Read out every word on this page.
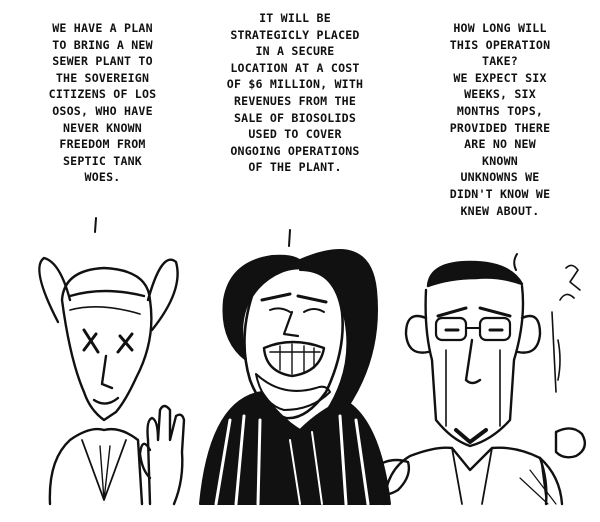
WE HAVE A PLAN
TO BRING A NEW
SEWER PLANT TO
THE SOVEREIGN
CITIZENS OF LOS
OSOS, WHO HAVE
NEVER KNOWN
FREEDOM FROM
SEPTIC TANK
WOES.
IT WILL BE
STRATEGICLY PLACED
IN A SECURE
LOCATION AT A COST
OF $6 MILLION, WITH
REVENUES FROM THE
SALE OF BIOSOLIDS
USED TO COVER
ONGOING OPERATIONS
OF THE PLANT.
HOW LONG WILL
THIS OPERATION
TAKE?
WE EXPECT SIX
WEEKS, SIX
MONTHS TOPS,
PROVIDED THERE
ARE NO NEW
KNOWN
UNKNOWNS WE
DIDN'T KNOW WE
KNEW ABOUT.
